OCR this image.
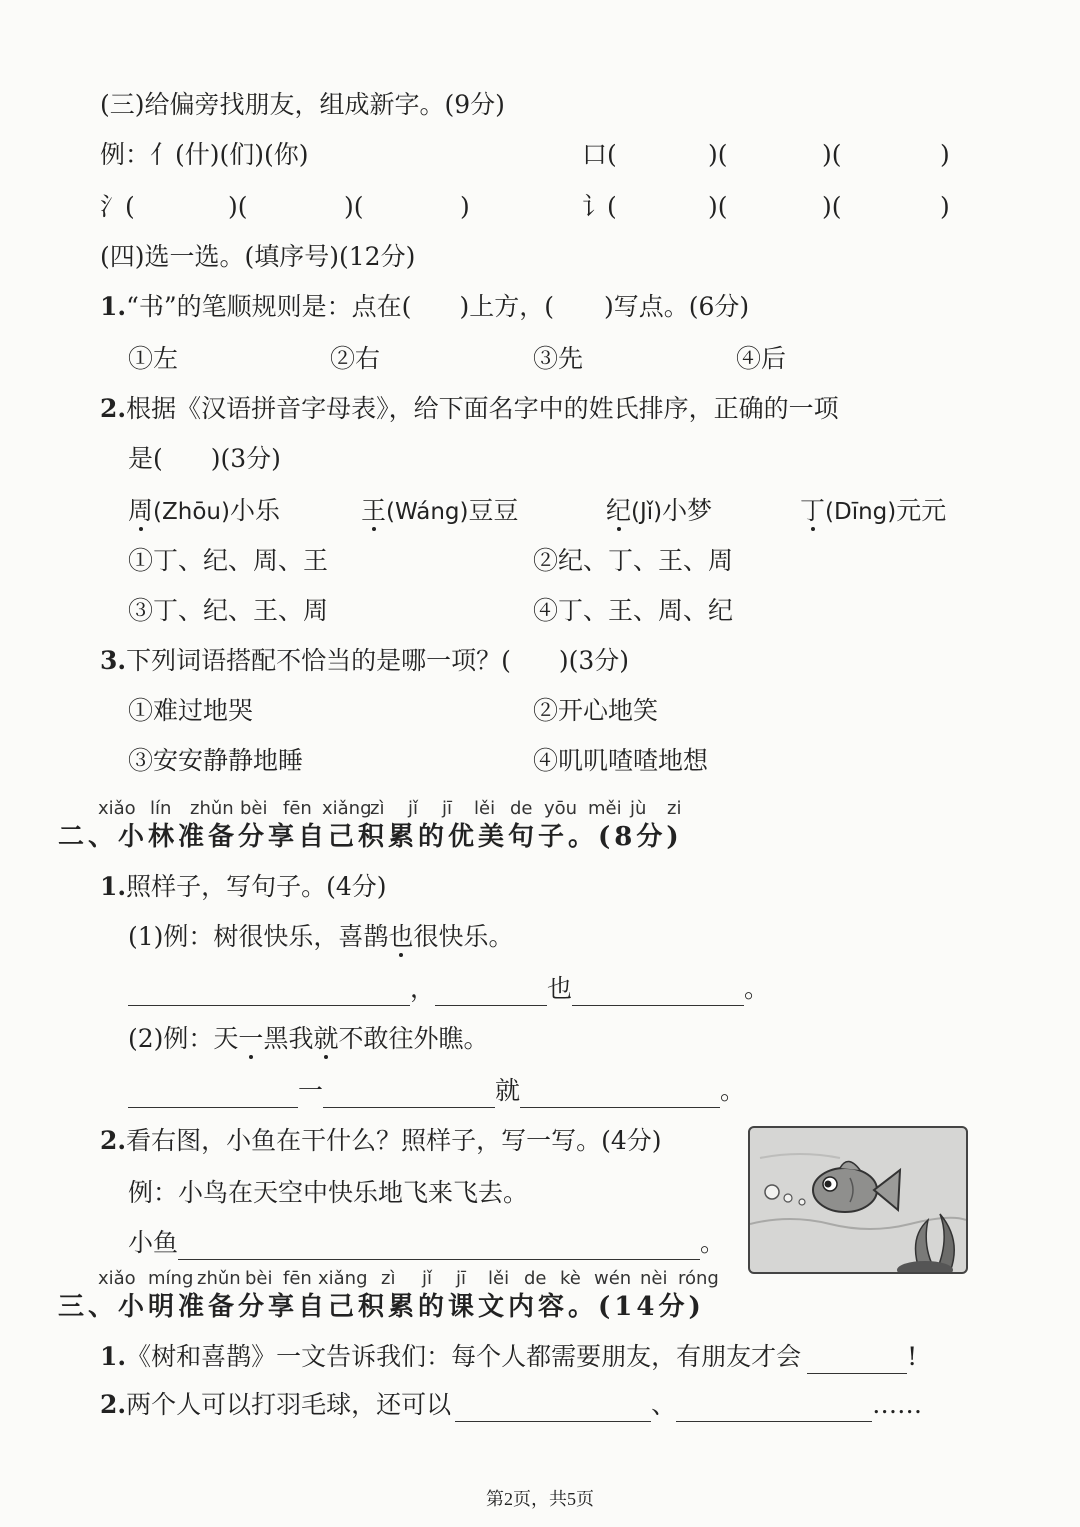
(三)给偏旁找朋友，组成新字。(9分)
例：亻(什)(们)(你)	口(	)(	)(	)
氵(	)(	)(	)	讠(	)(	)(	)
(四)选一选。(填序号)(12分)
1.“书”的笔顺规则是：点在( )上方，( )写点。(6分)
①左	②右	③先	④后
2.根据《汉语拼音字母表》，给下面名字中的姓氏排序，正确的一项
是( )(3分)
周(Zhōu)小乐	王(Wáng)豆豆	纪(Jǐ)小梦	丁(Dīng)元元
①丁、纪、周、王	②纪、丁、王、周
③丁、纪、王、周	④丁、王、周、纪
3.下列词语搭配不恰当的是哪一项？( )(3分)
①难过地哭	②开心地笑
③安安静静地睡	④叽叽喳喳地想
xiǎo lín zhǔn bèi fēn xiǎng
zì jǐ jī lěi de yōu měi jù zi
二、小林准备分享自己积累的优美句子。(8分)
1.照样子，写句子。(4分)
(1)例：树很快乐，喜鹊也很快乐。
，	也	。
(2)例：天一黑我就不敢往外瞧。
一	就	。
2.看右图，小鱼在干什么？照样子，写一写。(4分)
例：小鸟在天空中快乐地飞来飞去。
小鱼	。
xiǎo míng zhǔn bèi fēn xiǎng zì jǐ jī lěi de kè wén nèi róng
三、小明准备分享自己积累的课文内容。(14分)
1.《树和喜鹊》一文告诉我们：每个人都需要朋友，有朋友才会	!
2.两个人可以打羽毛球，还可以	、	……
第2页，共5页
